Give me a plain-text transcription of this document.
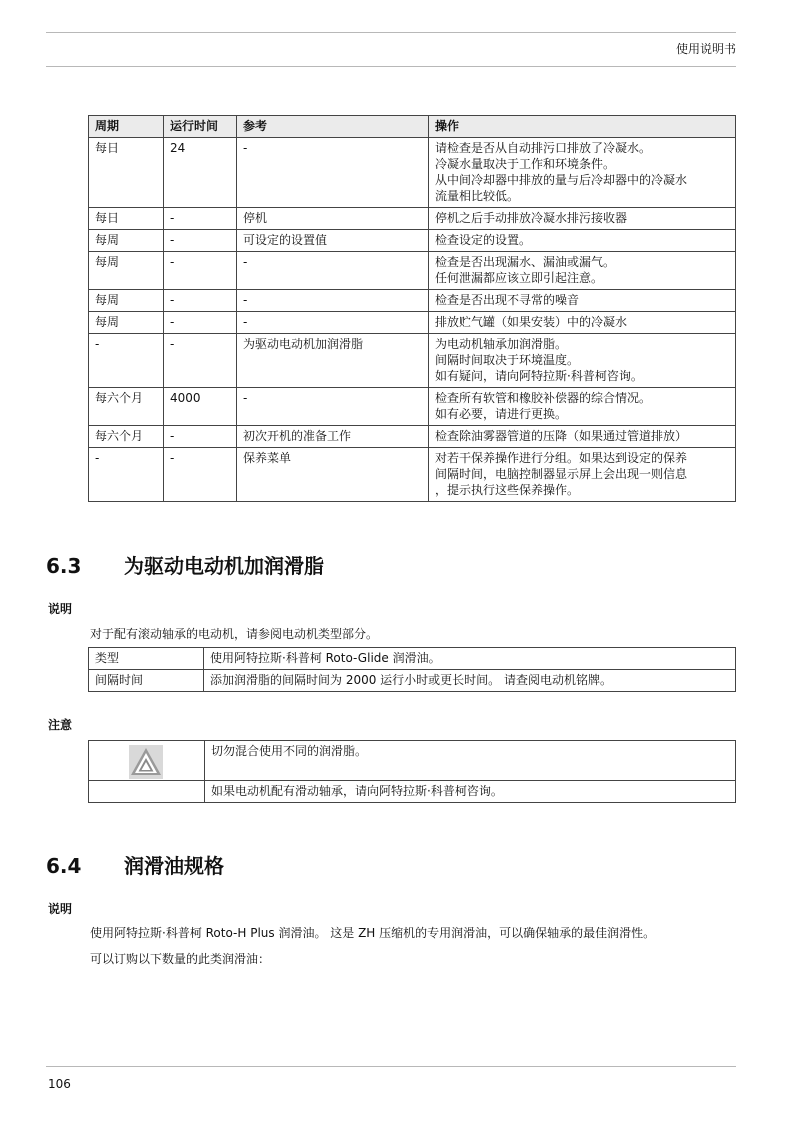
使用说明书
周期	运行时间	参考	操作
每日	24	-	请检查是否从自动排污口排放了冷凝水。
冷凝水量取决于工作和环境条件。
从中间冷却器中排放的量与后冷却器中的冷凝水
流量相比较低。

每日	-	停机	停机之后手动排放冷凝水排污接收器

每周	-	可设定的设置值	检查设定的设置。

每周	-	-	检查是否出现漏水、漏油或漏气。
任何泄漏都应该立即引起注意。

每周	-	-	检查是否出现不寻常的噪音

每周	-	-	排放贮气罐（如果安装）中的冷凝水

-	-	为驱动电动机加润滑脂	为电动机轴承加润滑脂。
间隔时间取决于环境温度。
如有疑问，请向阿特拉斯·科普柯咨询。

每六个月	4000	-	检查所有软管和橡胶补偿器的综合情况。
如有必要，请进行更换。

每六个月	-	初次开机的准备工作	检查除油雾器管道的压降（如果通过管道排放）

-	-	保养菜单	对若干保养操作进行分组。如果达到设定的保养
间隔时间，电脑控制器显示屏上会出现一则信息
，提示执行这些保养操作。
6.3 为驱动电动机加润滑脂
说明
对于配有滚动轴承的电动机，请参阅电动机类型部分。
类型	使用阿特拉斯·科普柯 Roto-Glide 润滑油。
间隔时间	添加润滑脂的间隔时间为 2000 运行小时或更长时间。 请查阅电动机铭牌。
注意
	切勿混合使用不同的润滑脂。
	如果电动机配有滑动轴承，请向阿特拉斯·科普柯咨询。
6.4 润滑油规格
说明
使用阿特拉斯·科普柯 Roto-H Plus 润滑油。 这是 ZH 压缩机的专用润滑油，可以确保轴承的最佳润滑性。
可以订购以下数量的此类润滑油：
106
